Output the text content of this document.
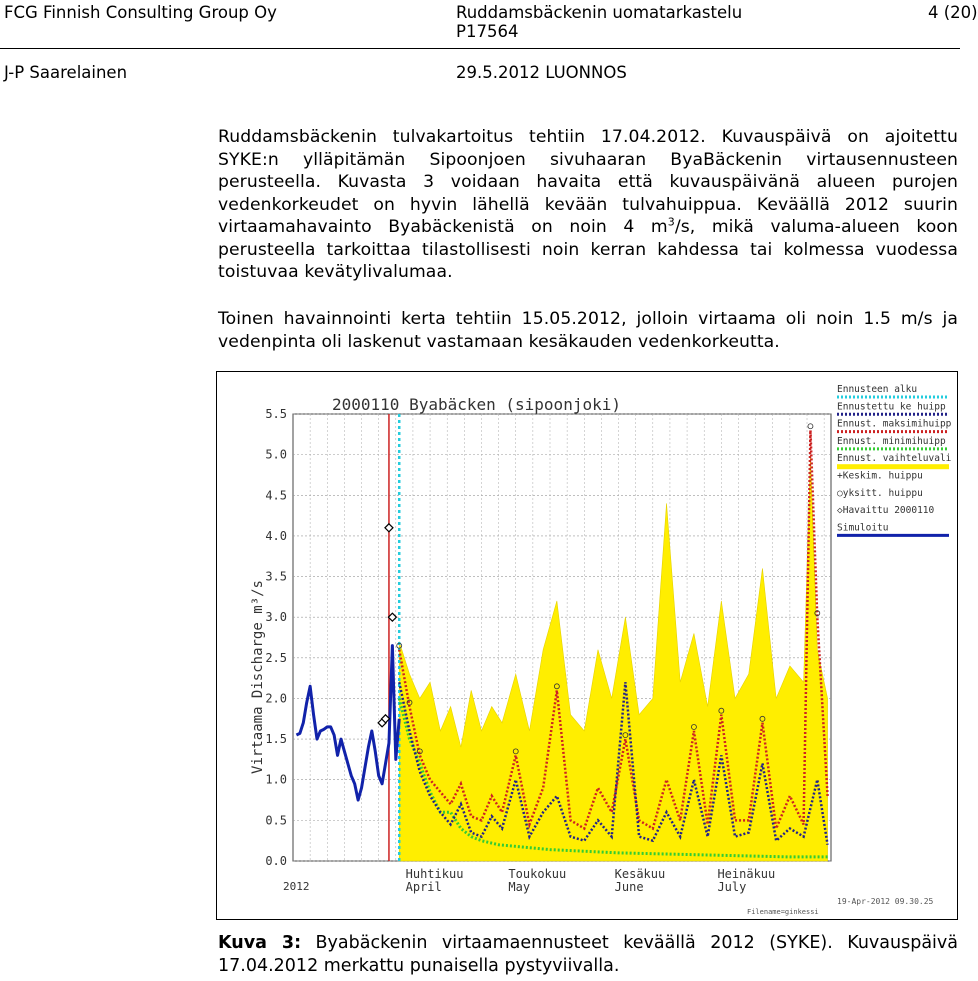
FCG Finnish Consulting Group Oy	Ruddamsbäckenin uomatarkastelu	4 (20)
P17564
J-P Saarelainen	29.5.2012 LUONNOS
Ruddamsbäckenin tulvakartoitus tehtiin 17.04.2012. Kuvauspäivä on ajoitettu SYKE:n ylläpitämän Sipoonjoen sivuhaaran ByaBäckenin virtausennusteen perusteella. Kuvasta 3 voidaan havaita että kuvauspäivänä alueen purojen vedenkorkeudet on hyvin lähellä kevään tulvahuippua. Keväällä 2012 suurin virtaamahavainto Byabäckenistä on noin 4 $m^3/s$, mikä valuma-alueen koon perusteella tarkoittaa tilastollisesti noin kerran kahdessa tai kolmessa vuodessa toistuvaa kevätylivalumaa.
Toinen havainnointi kerta tehtiin 15.05.2012, jolloin virtaama oli noin 1.5 m/s ja vedenpinta oli laskenut vastamaan kesäkauden vedenkorkeutta.
0.0
0.5
1.0
1.5
2.0
2.5
3.0
3.5
4.0
4.5
5.0
5.5
Huhtikuu
April
Toukokuu
May
Kesäkuu
June
Heinäkuu
July
Ennusteen alku
Ennustettu ke huipp
Ennust. maksimihuipp
Ennust. minimihuipp
Ennust. vaihteluvali
+Keskim. huippu
○yksitt. huippu
◇Havaittu 2000110
Simuloitu
2000110 Byabäcken (sipoonjoki)
Virtaama Discharge m³/s
2012
19-Apr-2012 09.30.25
Filename=ginkessi
Kuva 3: Byabäckenin virtaamaennusteet keväällä 2012 (SYKE). Kuvauspäivä 17.04.2012 merkattu punaisella pystyviivalla.
